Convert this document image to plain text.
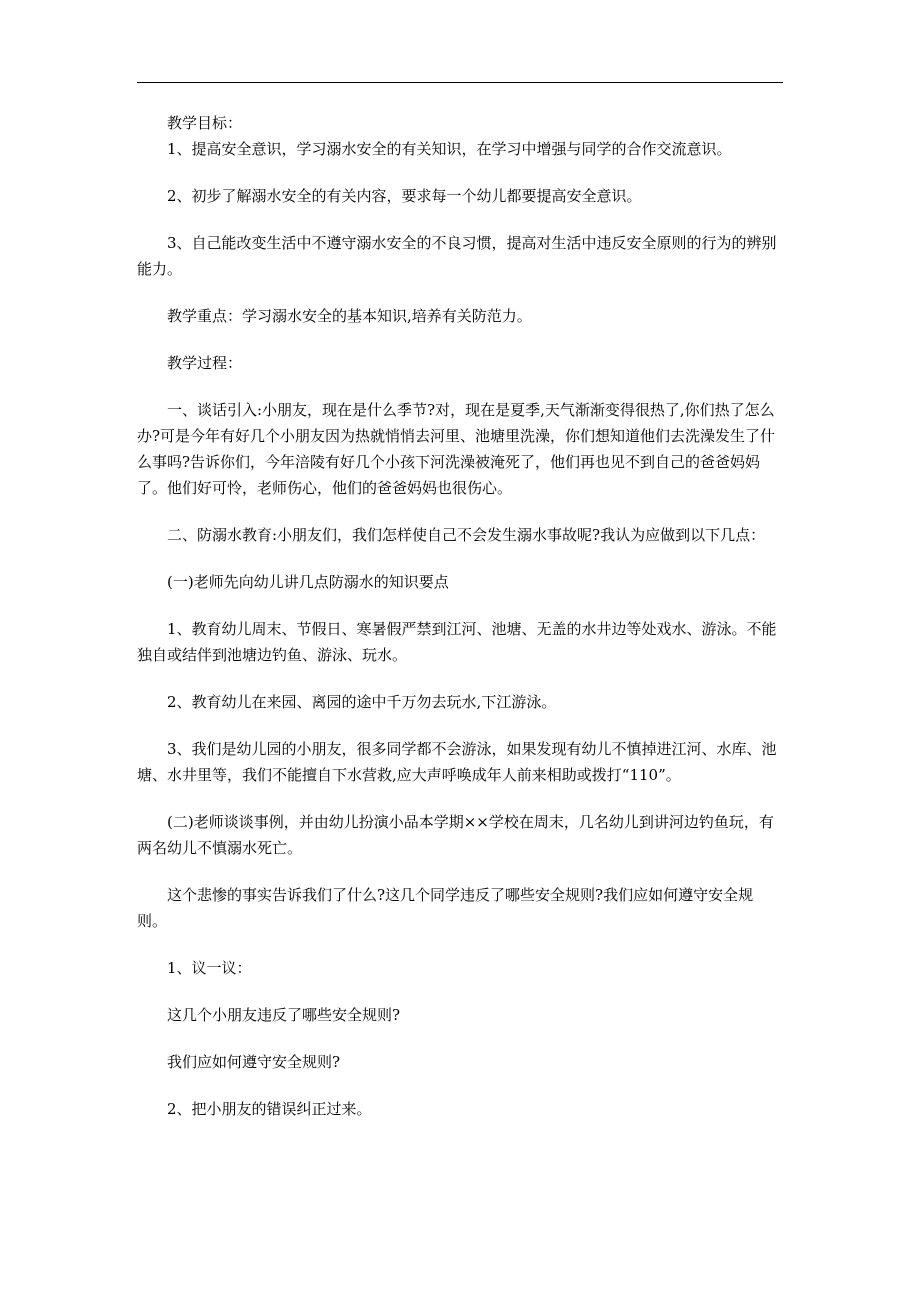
教学目标：

1、提高安全意识，学习溺水安全的有关知识，在学习中增强与同学的合作交流意识。

2、初步了解溺水安全的有关内容，要求每一个幼儿都要提高安全意识。

3、自己能改变生活中不遵守溺水安全的不良习惯，提高对生活中违反安全原则的行为的辨别能力。

教学重点：学习溺水安全的基本知识,培养有关防范力。

教学过程：

一、谈话引入:小朋友，现在是什么季节?对，现在是夏季,天气渐渐变得很热了,你们热了怎么办?可是今年有好几个小朋友因为热就悄悄去河里、池塘里洗澡，你们想知道他们去洗澡发生了什么事吗?告诉你们，今年涪陵有好几个小孩下河洗澡被淹死了，他们再也见不到自己的爸爸妈妈了。他们好可怜，老师伤心，他们的爸爸妈妈也很伤心。

二、防溺水教育:小朋友们，我们怎样使自己不会发生溺水事故呢?我认为应做到以下几点：

(一)老师先向幼儿讲几点防溺水的知识要点

1、教育幼儿周末、节假日、寒暑假严禁到江河、池塘、无盖的水井边等处戏水、游泳。不能独自或结伴到池塘边钓鱼、游泳、玩水。

2、教育幼儿在来园、离园的途中千万勿去玩水,下江游泳。

3、我们是幼儿园的小朋友，很多同学都不会游泳，如果发现有幼儿不慎掉进江河、水库、池塘、水井里等，我们不能擅自下水营救,应大声呼唤成年人前来相助或拨打“110”。

(二)老师谈谈事例，并由幼儿扮演小品本学期××学校在周末，几名幼儿到讲河边钓鱼玩，有两名幼儿不慎溺水死亡。

这个悲惨的事实告诉我们了什么?这几个同学违反了哪些安全规则?我们应如何遵守安全规则。

1、议一议：

这几个小朋友违反了哪些安全规则?

我们应如何遵守安全规则?

2、把小朋友的错误纠正过来。
